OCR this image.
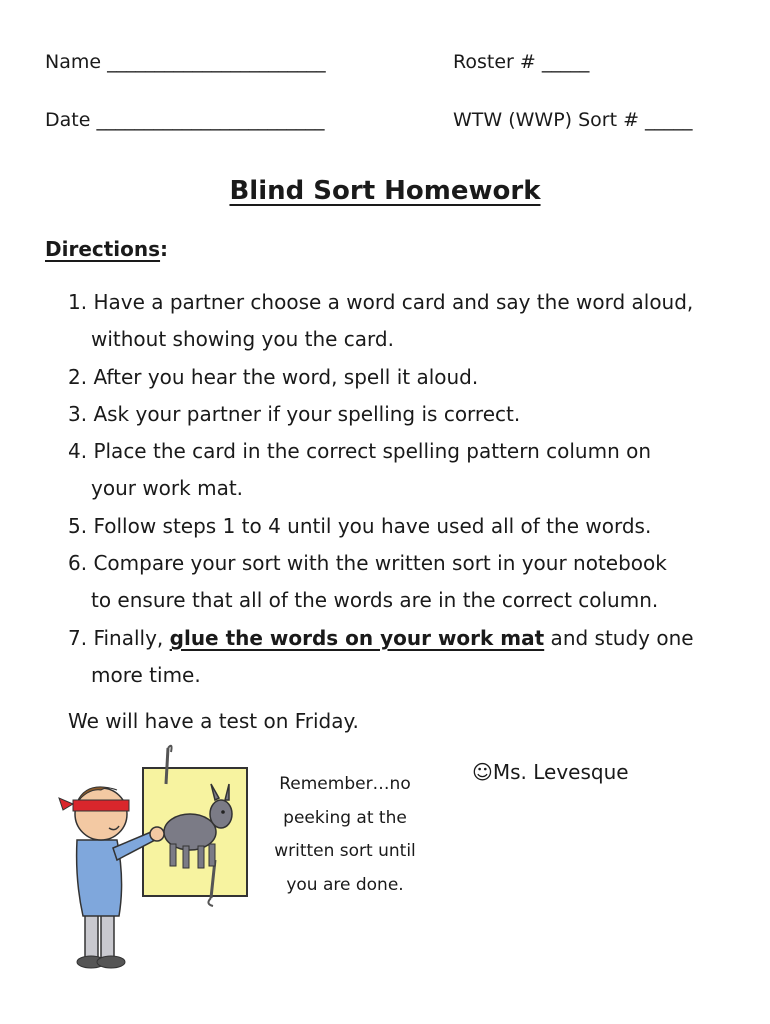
Name _______________________	Roster # _____
Date ________________________	WTW (WWP) Sort # _____
Blind Sort Homework
Directions:
1. Have a partner choose a word card and say the word aloud,
without showing you the card.
2. After you hear the word, spell it aloud.
3. Ask your partner if your spelling is correct.
4. Place the card in the correct spelling pattern column on
your work mat.
5. Follow steps 1 to 4 until you have used all of the words.
6. Compare your sort with the written sort in your notebook
to ensure that all of the words are in the correct column.
7. Finally, glue the words on your work mat and study one
more time.
We will have a test on Friday.
Remember…no
peeking at the
written sort until
you are done.
☺Ms. Levesque
